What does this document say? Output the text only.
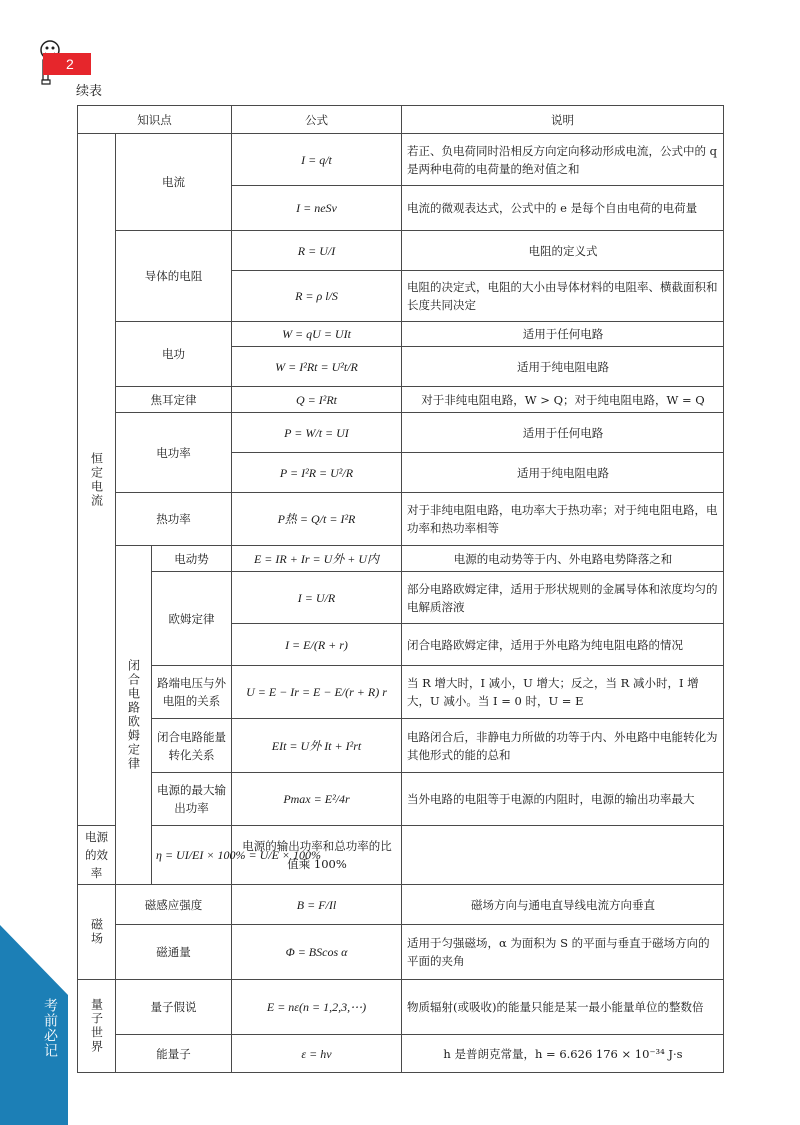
2
续表
知识点			公式	说明
恒定电流	电流		I = q/t	若正、负电荷同时沿相反方向定向移动形成电流，公式中的 q 是两种电荷的电荷量的绝对值之和
			I = neSv	电流的微观表达式，公式中的 e 是每个自由电荷的电荷量
	导体的电阻		R = U/I	电阻的定义式
			R = ρ l/S	电阻的决定式，电阻的大小由导体材料的电阻率、横截面积和长度共同决定
	电功		W = qU = UIt	适用于任何电路
			W = I²Rt = U²t/R	适用于纯电阻电路
	焦耳定律		Q = I²Rt	对于非纯电阻电路，W > Q；对于纯电阻电路，W = Q
	电功率		P = W/t = UI	适用于任何电路
			P = I²R = U²/R	适用于纯电阻电路
	热功率		P热 = Q/t = I²R	对于非纯电阻电路，电功率大于热功率；对于纯电阻电路，电功率和热功率相等
	闭合电路欧姆定律	电动势	E = IR + Ir = U外 + U内	电源的电动势等于内、外电路电势降落之和
		欧姆定律	I = U/R	部分电路欧姆定律，适用于形状规则的金属导体和浓度均匀的电解质溶液
			I = E/(R + r)	闭合电路欧姆定律，适用于外电路为纯电阻电路的情况
		路端电压与外电阻的关系	U = E − Ir = E − E/(r + R) r	当 R 增大时，I 减小，U 增大；反之，当 R 减小时，I 增大，U 减小。当 I = 0 时，U = E
		闭合电路能量转化关系	EIt = U外 It + I²rt	电路闭合后，非静电力所做的功等于内、外电路中电能转化为其他形式的能的总和
		电源的最大输出功率	Pmax = E²/4r	当外电路的电阻等于电源的内阻时，电源的输出功率最大
电源的效率		η = UI/EI × 100% = U/E × 100%	电源的输出功率和总功率的比值乘 100%	
磁场	磁感应强度		B = F/Il	磁场方向与通电直导线电流方向垂直
	磁通量		Φ = BScos α	适用于匀强磁场，α 为面积为 S 的平面与垂直于磁场方向的平面的夹角
量子世界	量子假说		E = nε(n = 1,2,3,⋯)	物质辐射(或吸收)的能量只能是某一最小能量单位的整数倍
	能量子		ε = hν	h 是普朗克常量，h = 6.626 176 × 10⁻³⁴ J·s
考前必记
